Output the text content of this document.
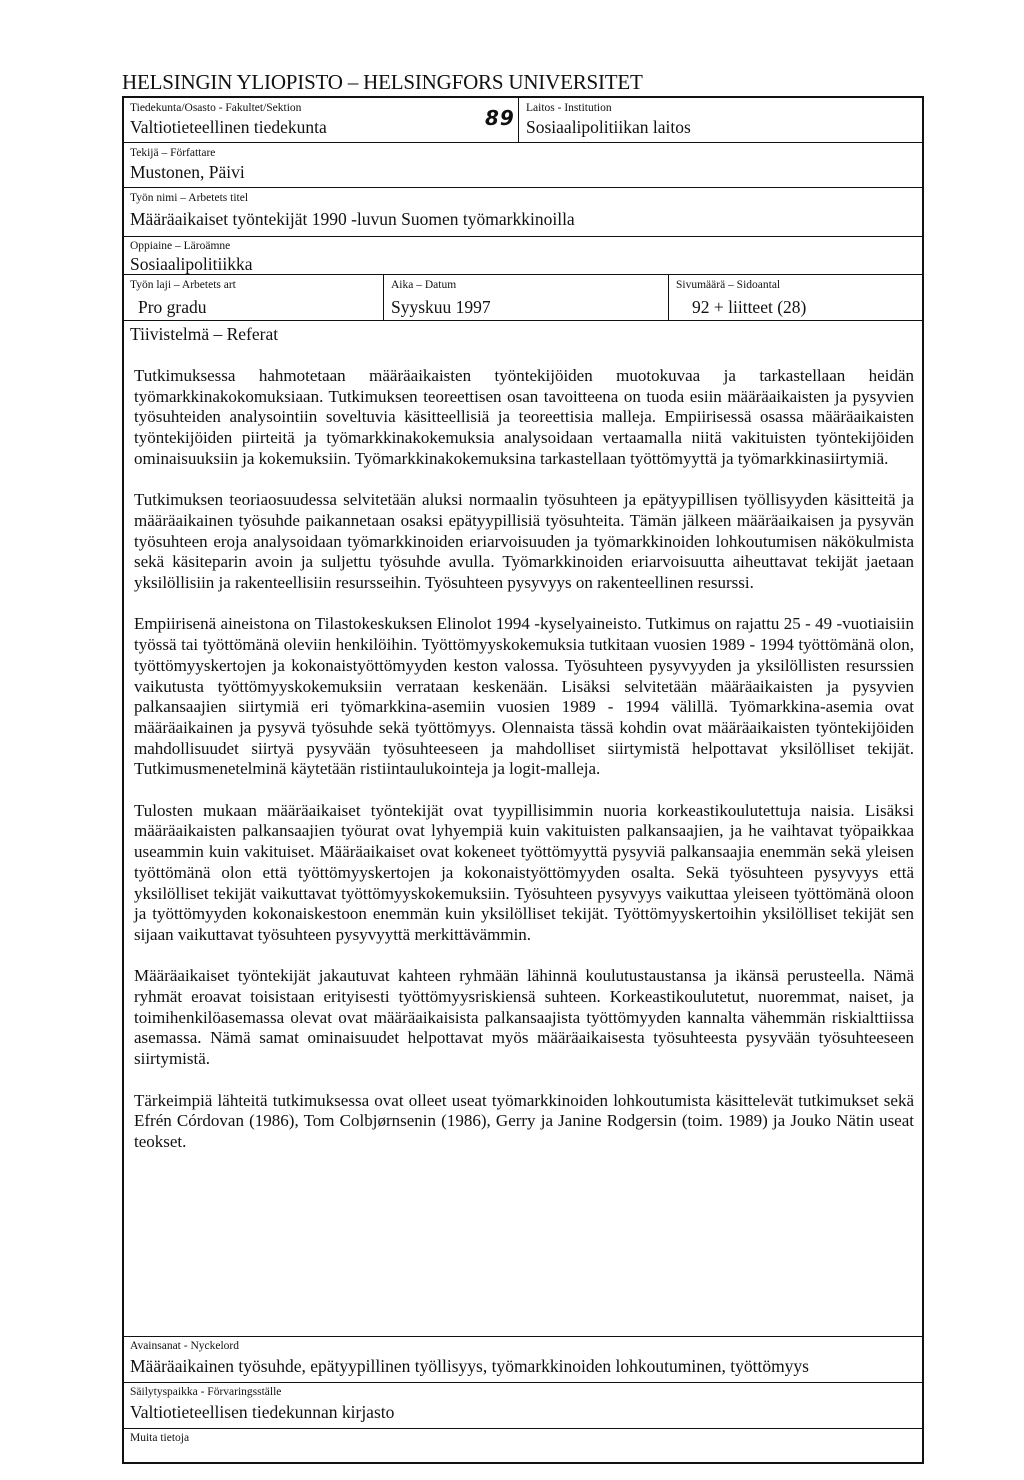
HELSINGIN YLIOPISTO – HELSINGFORS UNIVERSITET
Tiedekunta/Osasto - Fakultet/Sektion
Valtiotieteellinen tiedekunta	89 Laitos - Institution
Sosiaalipolitiikan laitos
Tekijä – Författare
Mustonen, Päivi
Työn nimi – Arbetets titel
Määräaikaiset työntekijät 1990 -luvun Suomen työmarkkinoilla
Oppiaine – Läroämne
Sosiaalipolitiikka
Työn laji – Arbetets art
Pro gradu
Aika – Datum
Syyskuu 1997
Sivumäärä – Sidoantal
92 + liitteet (28)
Tiivistelmä – Referat

Tutkimuksessa hahmotetaan määräaikaisten työntekijöiden muotokuvaa ja tarkastellaan heidän työmarkkinakokomuksiaan. Tutkimuksen teoreettisen osan tavoitteena on tuoda esiin määräaikaisten ja pysyvien työsuhteiden analysointiin soveltuvia käsitteellisiä ja teoreettisia malleja. Empiirisessä osassa määräaikaisten työntekijöiden piirteitä ja työmarkkinakokemuksia analysoidaan vertaamalla niitä vakituisten työntekijöiden ominaisuuksiin ja kokemuksiin. Työmarkkinakokemuksina tarkastellaan työttömyyttä ja työmarkkinasiirtymiä.

Tutkimuksen teoriaosuudessa selvitetään aluksi normaalin työsuhteen ja epätyypillisen työllisyyden käsitteitä ja määräaikainen työsuhde paikannetaan osaksi epätyypillisiä työsuhteita. Tämän jälkeen määräaikaisen ja pysyvän työsuhteen eroja analysoidaan työmarkkinoiden eriarvoisuuden ja työmarkkinoiden lohkoutumisen näkökulmista sekä käsiteparin avoin ja suljettu työsuhde avulla. Työmarkkinoiden eriarvoisuutta aiheuttavat tekijät jaetaan yksilöllisiin ja rakenteellisiin resursseihin. Työsuhteen pysyvyys on rakenteellinen resurssi.

Empiirisenä aineistona on Tilastokeskuksen Elinolot 1994 -kyselyaineisto. Tutkimus on rajattu 25 - 49 -vuotiaisiin työssä tai työttömänä oleviin henkilöihin. Työttömyyskokemuksia tutkitaan vuosien 1989 - 1994 työttömänä olon, työttömyyskertojen ja kokonaistyöttömyyden keston valossa. Työsuhteen pysyvyyden ja yksilöllisten resurssien vaikutusta työttömyyskokemuksiin verrataan keskenään. Lisäksi selvitetään määräaikaisten ja pysyvien palkansaajien siirtymiä eri työmarkkina-asemiin vuosien 1989 - 1994 välillä. Työmarkkina-asemia ovat määräaikainen ja pysyvä työsuhde sekä työttömyys. Olennaista tässä kohdin ovat määräaikaisten työntekijöiden mahdollisuudet siirtyä pysyvään työsuhteeseen ja mahdolliset siirtymistä helpottavat yksilölliset tekijät. Tutkimusmenetelminä käytetään ristiintaulukointeja ja logit-malleja.

Tulosten mukaan määräaikaiset työntekijät ovat tyypillisimmin nuoria korkeastikoulutettuja naisia. Lisäksi määräaikaisten palkansaajien työurat ovat lyhyempiä kuin vakituisten palkansaajien, ja he vaihtavat työpaikkaa useammin kuin vakituiset. Määräaikaiset ovat kokeneet työttömyyttä pysyviä palkansaajia enemmän sekä yleisen työttömänä olon että työttömyyskertojen ja kokonaistyöttömyyden osalta. Sekä työsuhteen pysyvyys että yksilölliset tekijät vaikuttavat työttömyyskokemuksiin. Työsuhteen pysyvyys vaikuttaa yleiseen työttömänä oloon ja työttömyyden kokonaiskestoon enemmän kuin yksilölliset tekijät. Työttömyyskertoihin yksilölliset tekijät sen sijaan vaikuttavat työsuhteen pysyvyyttä merkittävämmin.

Määräaikaiset työntekijät jakautuvat kahteen ryhmään lähinnä koulutustaustansa ja ikänsä perusteella. Nämä ryhmät eroavat toisistaan erityisesti työttömyysriskiensä suhteen. Korkeastikoulutetut, nuoremmat, naiset, ja toimihenkilöasemassa olevat ovat määräaikaisista palkansaajista työttömyyden kannalta vähemmän riskialttiissa asemassa. Nämä samat ominaisuudet helpottavat myös määräaikaisesta työsuhteesta pysyvään työsuhteeseen siirtymistä.

Tärkeimpiä lähteitä tutkimuksessa ovat olleet useat työmarkkinoiden lohkoutumista käsittelevät tutkimukset sekä Efrén Córdovan (1986), Tom Colbjørnsenin (1986), Gerry ja Janine Rodgersin (toim. 1989) ja Jouko Nätin useat teokset.

Avainsanat - Nyckelord
Määräaikainen työsuhde, epätyypillinen työllisyys, työmarkkinoiden lohkoutuminen, työttömyys
Säilytyspaikka - Förvaringsställe
Valtiotieteellisen tiedekunnan kirjasto
Muita tietoja
